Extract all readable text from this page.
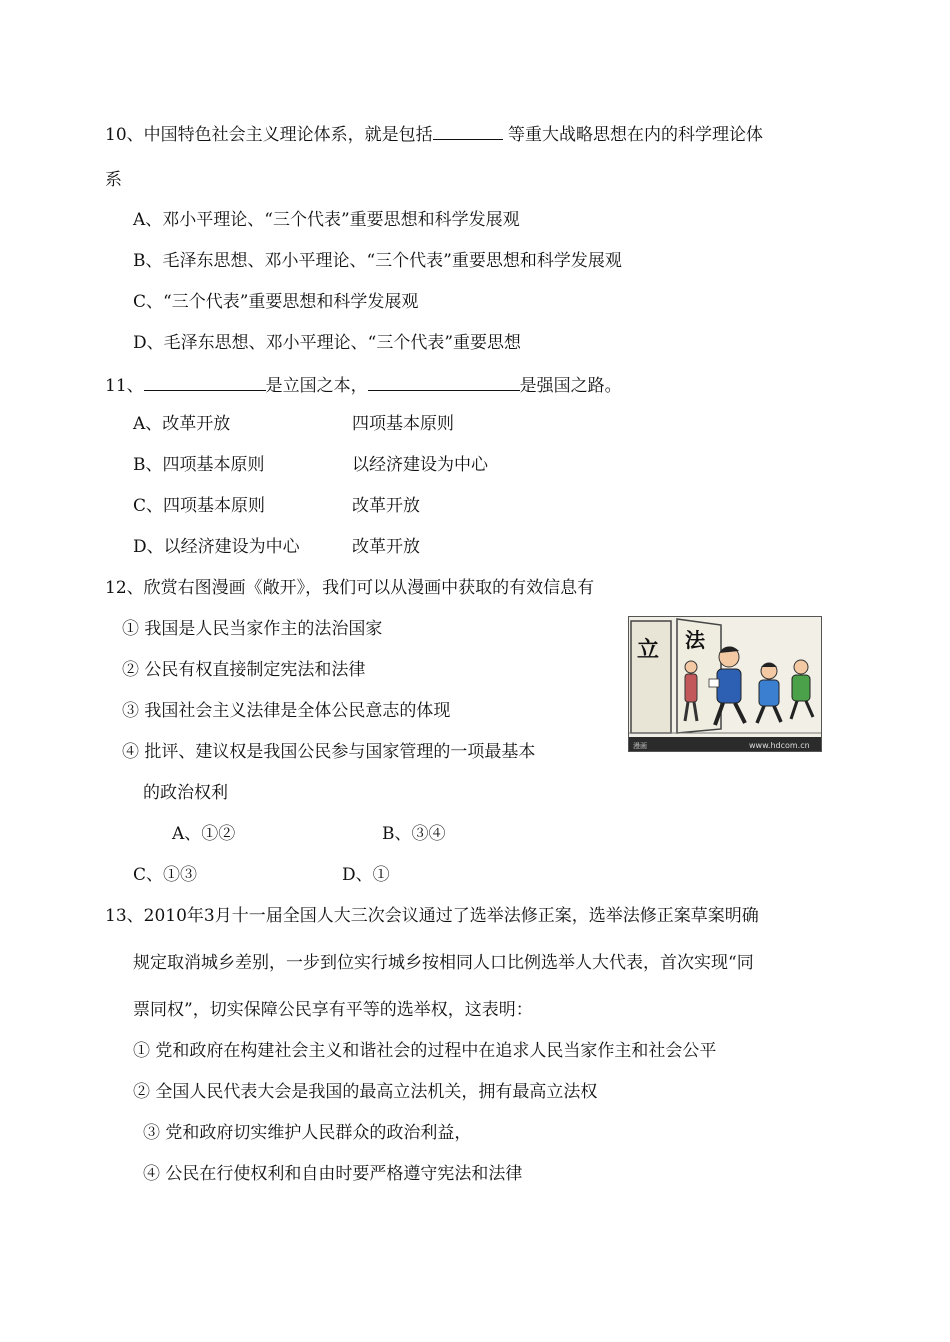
10、中国特色社会主义理论体系，就是包括	等重大战略思想在内的科学理论体
系
A、邓小平理论、“三个代表”重要思想和科学发展观
B、毛泽东思想、邓小平理论、“三个代表”重要思想和科学发展观
C、“三个代表”重要思想和科学发展观
D、毛泽东思想、邓小平理论、“三个代表”重要思想
11、	是立国之本，	是强国之路。
A、改革开放	四项基本原则
B、四项基本原则	以经济建设为中心
C、四项基本原则	改革开放
D、以经济建设为中心	改革开放
12、欣赏右图漫画《敞开》，我们可以从漫画中获取的有效信息有
① 我国是人民当家作主的法治国家
② 公民有权直接制定宪法和法律
③ 我国社会主义法律是全体公民意志的体现
④ 批评、建议权是我国公民参与国家管理的一项最基本
的政治权利
A、①②	B、③④
C、①③	D、①
立 法
漫画	www.hdcom.cn
13、2010年3月十一届全国人大三次会议通过了选举法修正案，选举法修正案草案明确
规定取消城乡差别，一步到位实行城乡按相同人口比例选举人大代表，首次实现“同
票同权”，切实保障公民享有平等的选举权，这表明：
① 党和政府在构建社会主义和谐社会的过程中在追求人民当家作主和社会公平
② 全国人民代表大会是我国的最高立法机关，拥有最高立法权
③ 党和政府切实维护人民群众的政治利益，
④ 公民在行使权利和自由时要严格遵守宪法和法律
